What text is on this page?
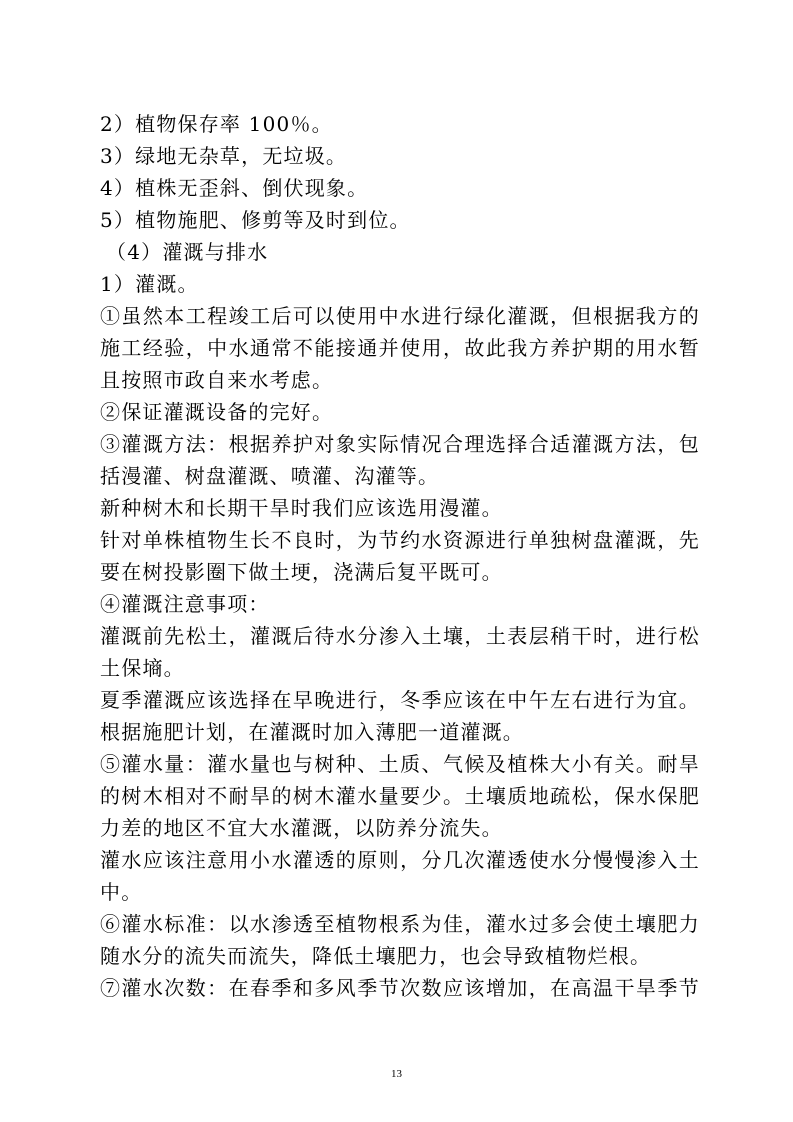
2）植物保存率 100％。
3）绿地无杂草，无垃圾。
4）植株无歪斜、倒伏现象。
5）植物施肥、修剪等及时到位。
（4）灌溉与排水
1）灌溉。
①虽然本工程竣工后可以使用中水进行绿化灌溉，但根据我方的
施工经验，中水通常不能接通并使用，故此我方养护期的用水暂
且按照市政自来水考虑。
②保证灌溉设备的完好。
③灌溉方法：根据养护对象实际情况合理选择合适灌溉方法，包
括漫灌、树盘灌溉、喷灌、沟灌等。
新种树木和长期干旱时我们应该选用漫灌。
针对单株植物生长不良时，为节约水资源进行单独树盘灌溉，先
要在树投影圈下做土埂，浇满后复平既可。
④灌溉注意事项：
灌溉前先松土，灌溉后待水分渗入土壤，土表层稍干时，进行松
土保墒。
夏季灌溉应该选择在早晚进行，冬季应该在中午左右进行为宜。
根据施肥计划，在灌溉时加入薄肥一道灌溉。
⑤灌水量：灌水量也与树种、土质、气候及植株大小有关。耐旱
的树木相对不耐旱的树木灌水量要少。土壤质地疏松，保水保肥
力差的地区不宜大水灌溉，以防养分流失。
灌水应该注意用小水灌透的原则，分几次灌透使水分慢慢渗入土
中。
⑥灌水标准：以水渗透至植物根系为佳，灌水过多会使土壤肥力
随水分的流失而流失，降低土壤肥力，也会导致植物烂根。
⑦灌水次数：在春季和多风季节次数应该增加，在高温干旱季节
13
